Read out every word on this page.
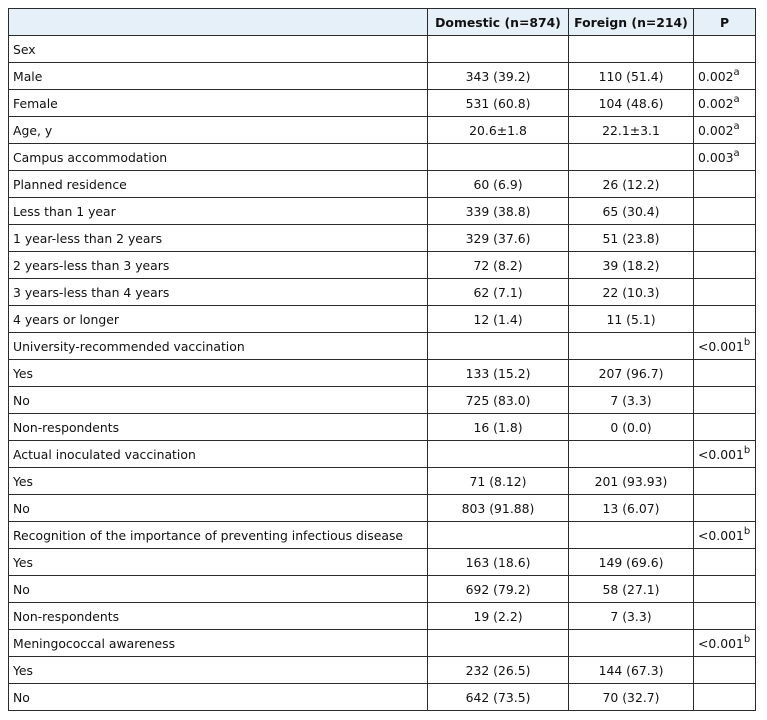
	Domestic (n=874)	Foreign (n=214)	P
Sex			
Male	343 (39.2)	110 (51.4)	0.002$^a$
Female	531 (60.8)	104 (48.6)	0.002$^a$
Age, y	20.6±1.8	22.1±3.1	0.002$^a$
Campus accommodation			0.003$^a$
Planned residence	60 (6.9)	26 (12.2)	
Less than 1 year	339 (38.8)	65 (30.4)	
1 year-less than 2 years	329 (37.6)	51 (23.8)	
2 years-less than 3 years	72 (8.2)	39 (18.2)	
3 years-less than 4 years	62 (7.1)	22 (10.3)	
4 years or longer	12 (1.4)	11 (5.1)	
University-recommended vaccination			<0.001$^b$
Yes	133 (15.2)	207 (96.7)	
No	725 (83.0)	7 (3.3)	
Non-respondents	16 (1.8)	0 (0.0)	
Actual inoculated vaccination			<0.001$^b$
Yes	71 (8.12)	201 (93.93)	
No	803 (91.88)	13 (6.07)	
Recognition of the importance of preventing infectious disease			<0.001$^b$
Yes	163 (18.6)	149 (69.6)	
No	692 (79.2)	58 (27.1)	
Non-respondents	19 (2.2)	7 (3.3)	
Meningococcal awareness			<0.001$^b$
Yes	232 (26.5)	144 (67.3)	
No	642 (73.5)	70 (32.7)	
